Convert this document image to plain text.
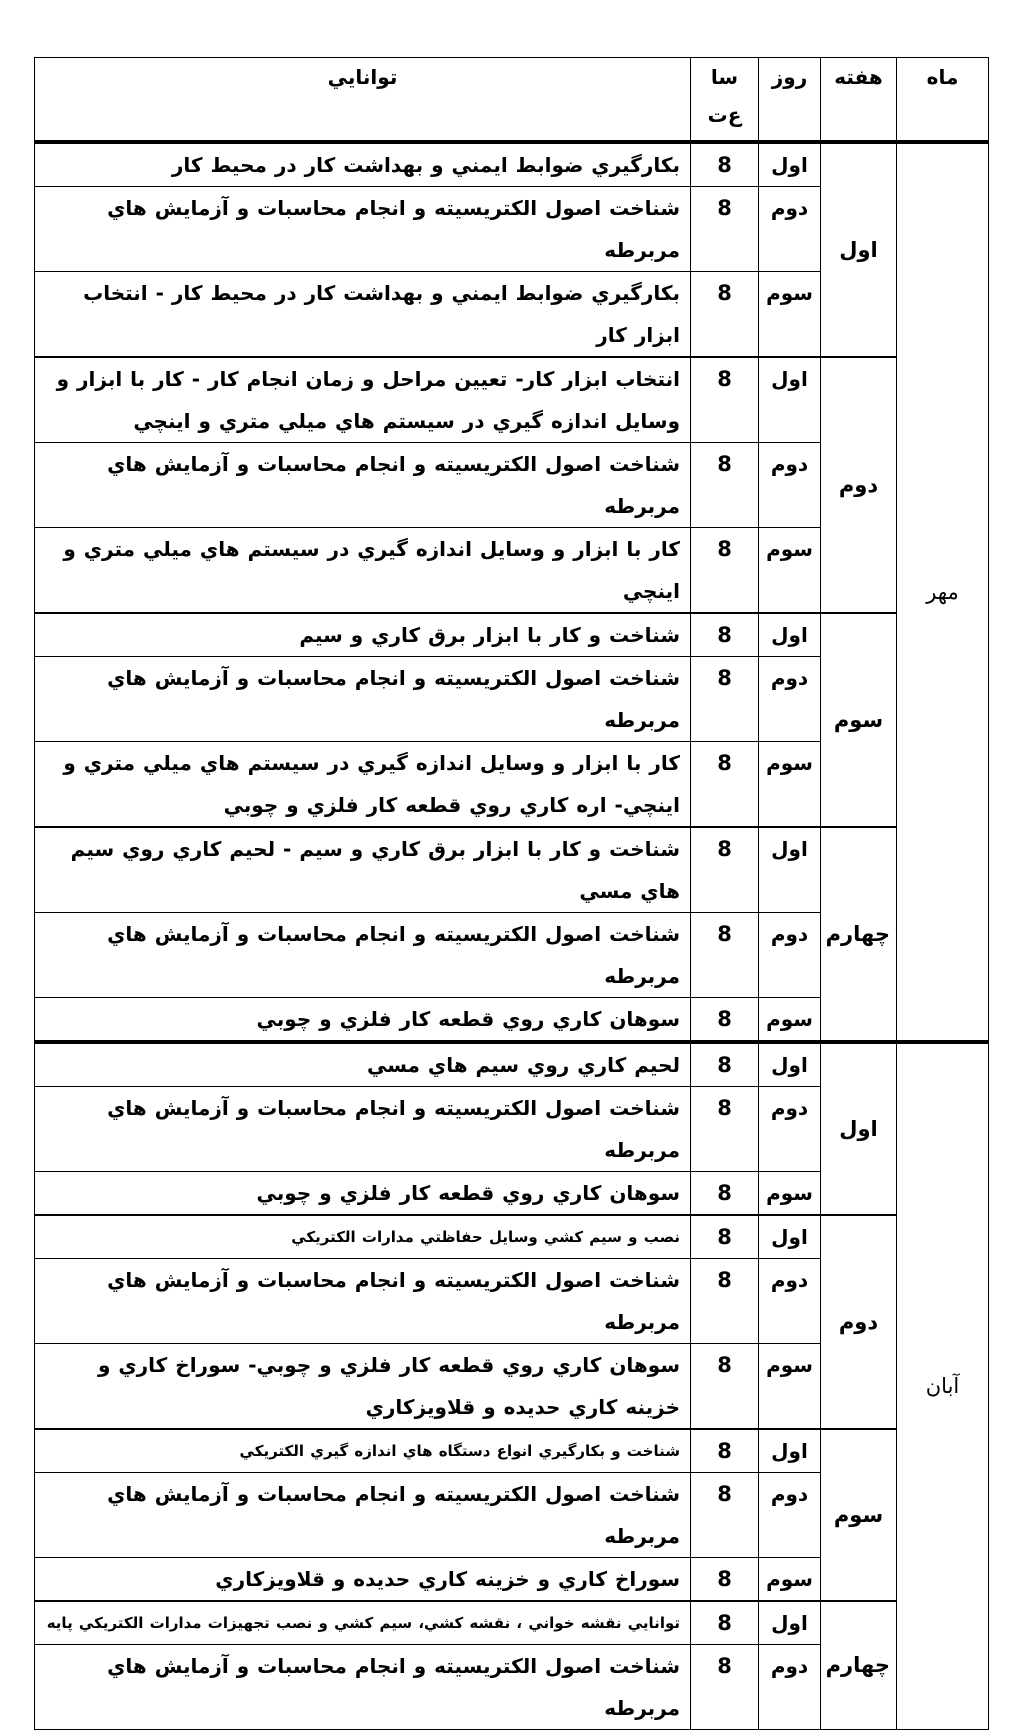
ماه	هفته	روز	ساع‌ت	توانايي
مهر	اول	اول	8	بكارگيري ضوابط ايمني و بهداشت كار در محيط كار
		دوم	8	شناخت اصول الكتريسيته و انجام محاسبات و آزمايش هاي مربرطه
		سوم	8	بكارگيري ضوابط ايمني و بهداشت كار در محيط كار - انتخاب ابزار كار
	دوم	اول	8	انتخاب ابزار كار- تعيين مراحل و زمان انجام كار - كار با ابزار و وسايل اندازه گيري در سيستم هاي ميلي متري و اينچي
		دوم	8	شناخت اصول الكتريسيته و انجام محاسبات و آزمايش هاي مربرطه
		سوم	8	كار با ابزار و وسايل اندازه گيري در سيستم هاي ميلي متري و اينچي
	سوم	اول	8	شناخت و كار با ابزار برق كاري و سيم
		دوم	8	شناخت اصول الكتريسيته و انجام محاسبات و آزمايش هاي مربرطه
		سوم	8	كار با ابزار و وسايل اندازه گيري در سيستم هاي ميلي متري و اينچي- اره كاري روي قطعه كار فلزي و چوبي
	چهارم	اول	8	شناخت و كار با ابزار برق كاري و سيم - لحيم كاري روي سيم هاي مسي
		دوم	8	شناخت اصول الكتريسيته و انجام محاسبات و آزمايش هاي مربرطه
		سوم	8	سوهان كاري روي قطعه كار فلزي و چوبي
آبان	اول	اول	8	لحيم كاري روي سيم هاي مسي
		دوم	8	شناخت اصول الكتريسيته و انجام محاسبات و آزمايش هاي مربرطه
		سوم	8	سوهان كاري روي قطعه كار فلزي و چوبي
	دوم	اول	8	نصب و سيم كشي وسايل حفاظتي مدارات الكتريكي
		دوم	8	شناخت اصول الكتريسيته و انجام محاسبات و آزمايش هاي مربرطه
		سوم	8	سوهان كاري روي قطعه كار فلزي و چوبي- سوراخ كاري و خزينه كاري حديده و قلاويزكاري
	سوم	اول	8	شناخت و بكارگيري انواع دستگاه هاي اندازه گيري الكتريكي
		دوم	8	شناخت اصول الكتريسيته و انجام محاسبات و آزمايش هاي مربرطه
		سوم	8	سوراخ كاري و خزينه كاري حديده و قلاويزكاري
	چهارم	اول	8	توانايي نقشه خواني ، نقشه كشي، سيم كشي و نصب تجهيزات مدارات الكتريكي پايه
		دوم	8	شناخت اصول الكتريسيته و انجام محاسبات و آزمايش هاي مربرطه
